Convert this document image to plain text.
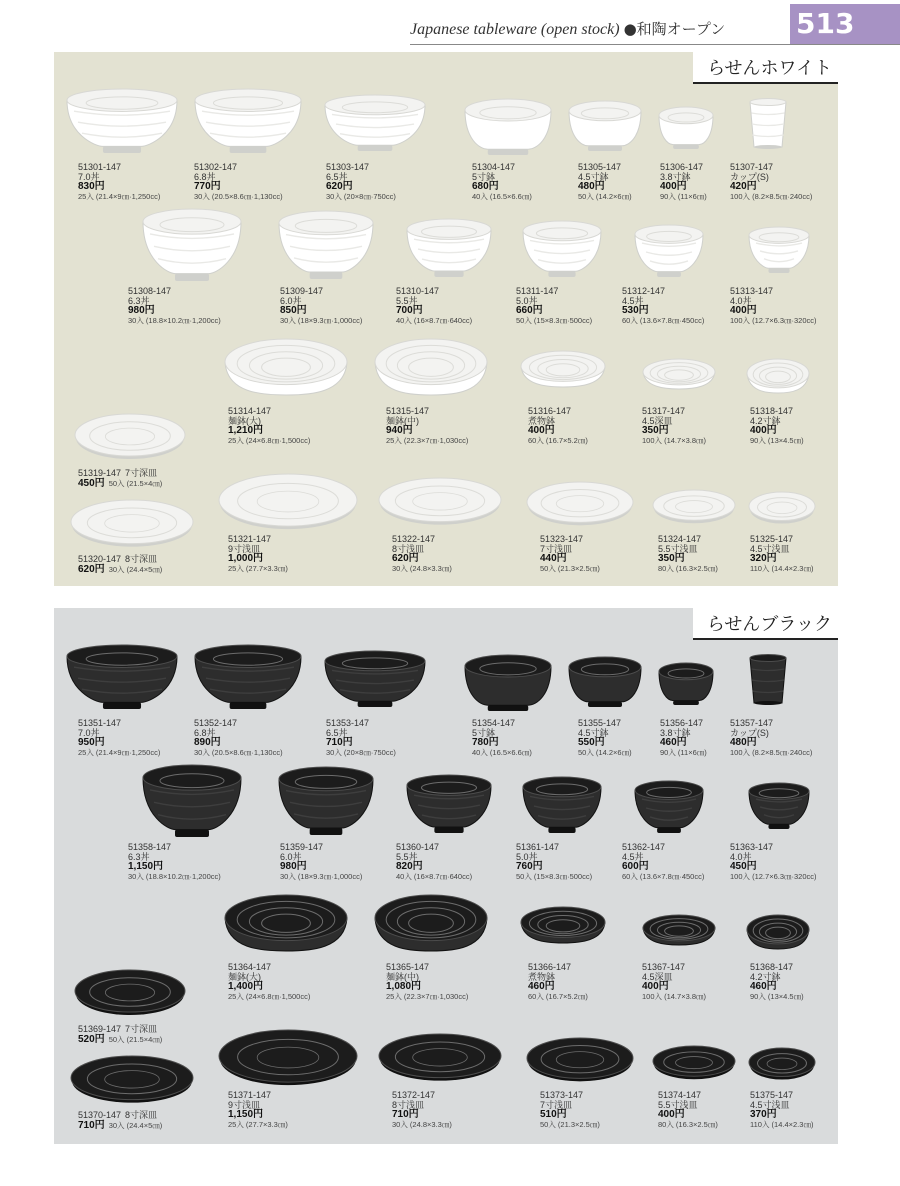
Japanese tableware (open stock) ●和陶オープン	513
らせんホワイト
51301-147
7.0丼
830円
25入 (21.4×9㎝·1,250cc)
51302-147
6.8丼
770円
30入 (20.5×8.6㎝·1,130cc)
51303-147
6.5丼
620円
30入 (20×8㎝·750cc)
51304-147
5寸鉢
680円
40入 (16.5×6.6㎝)
51305-147
4.5寸鉢
480円
50入 (14.2×6㎝)
51306-147
3.8寸鉢
400円
90入 (11×6㎝)
51307-147
カップ(S)
420円
100入 (8.2×8.5㎝·240cc)
51308-147
6.3丼
980円
30入 (18.8×10.2㎝·1,200cc)
51309-147
6.0丼
850円
30入 (18×9.3㎝·1,000cc)
51310-147
5.5丼
700円
40入 (16×8.7㎝·640cc)
51311-147
5.0丼
660円
50入 (15×8.3㎝·500cc)
51312-147
4.5丼
530円
60入 (13.6×7.8㎝·450cc)
51313-147
4.0丼
400円
100入 (12.7×6.3㎝·320cc)
51314-147
麺鉢(大)
1,210円
25入 (24×6.8㎝·1,500cc)
51315-147
麺鉢(中)
940円
25入 (22.3×7㎝·1,030cc)
51316-147
煮物鉢
400円
60入 (16.7×5.2㎝)
51317-147
4.5深皿
350円
100入 (14.7×3.8㎝)
51318-147
4.2寸鉢
400円
90入 (13×4.5㎝)
51319-147 7寸深皿
450円 50入 (21.5×4㎝)
51320-147 8寸深皿
620円 30入 (24.4×5㎝)
51321-147
9寸浅皿
1,000円
25入 (27.7×3.3㎝)
51322-147
8寸浅皿
620円
30入 (24.8×3.3㎝)
51323-147
7寸浅皿
440円
50入 (21.3×2.5㎝)
51324-147
5.5寸浅皿
350円
80入 (16.3×2.5㎝)
51325-147
4.5寸浅皿
320円
110入 (14.4×2.3㎝)
らせんブラック
51351-147
7.0丼
950円
25入 (21.4×9㎝·1,250cc)
51352-147
6.8丼
890円
30入 (20.5×8.6㎝·1,130cc)
51353-147
6.5丼
710円
30入 (20×8㎝·750cc)
51354-147
5寸鉢
780円
40入 (16.5×6.6㎝)
51355-147
4.5寸鉢
550円
50入 (14.2×6㎝)
51356-147
3.8寸鉢
460円
90入 (11×6㎝)
51357-147
カップ(S)
480円
100入 (8.2×8.5㎝·240cc)
51358-147
6.3丼
1,150円
30入 (18.8×10.2㎝·1,200cc)
51359-147
6.0丼
980円
30入 (18×9.3㎝·1,000cc)
51360-147
5.5丼
820円
40入 (16×8.7㎝·640cc)
51361-147
5.0丼
760円
50入 (15×8.3㎝·500cc)
51362-147
4.5丼
600円
60入 (13.6×7.8㎝·450cc)
51363-147
4.0丼
450円
100入 (12.7×6.3㎝·320cc)
51364-147
麺鉢(大)
1,400円
25入 (24×6.8㎝·1,500cc)
51365-147
麺鉢(中)
1,080円
25入 (22.3×7㎝·1,030cc)
51366-147
煮物鉢
460円
60入 (16.7×5.2㎝)
51367-147
4.5深皿
400円
100入 (14.7×3.8㎝)
51368-147
4.2寸鉢
460円
90入 (13×4.5㎝)
51369-147 7寸深皿
520円 50入 (21.5×4㎝)
51370-147 8寸深皿
710円 30入 (24.4×5㎝)
51371-147
9寸浅皿
1,150円
25入 (27.7×3.3㎝)
51372-147
8寸浅皿
710円
30入 (24.8×3.3㎝)
51373-147
7寸浅皿
510円
50入 (21.3×2.5㎝)
51374-147
5.5寸浅皿
400円
80入 (16.3×2.5㎝)
51375-147
4.5寸浅皿
370円
110入 (14.4×2.3㎝)
